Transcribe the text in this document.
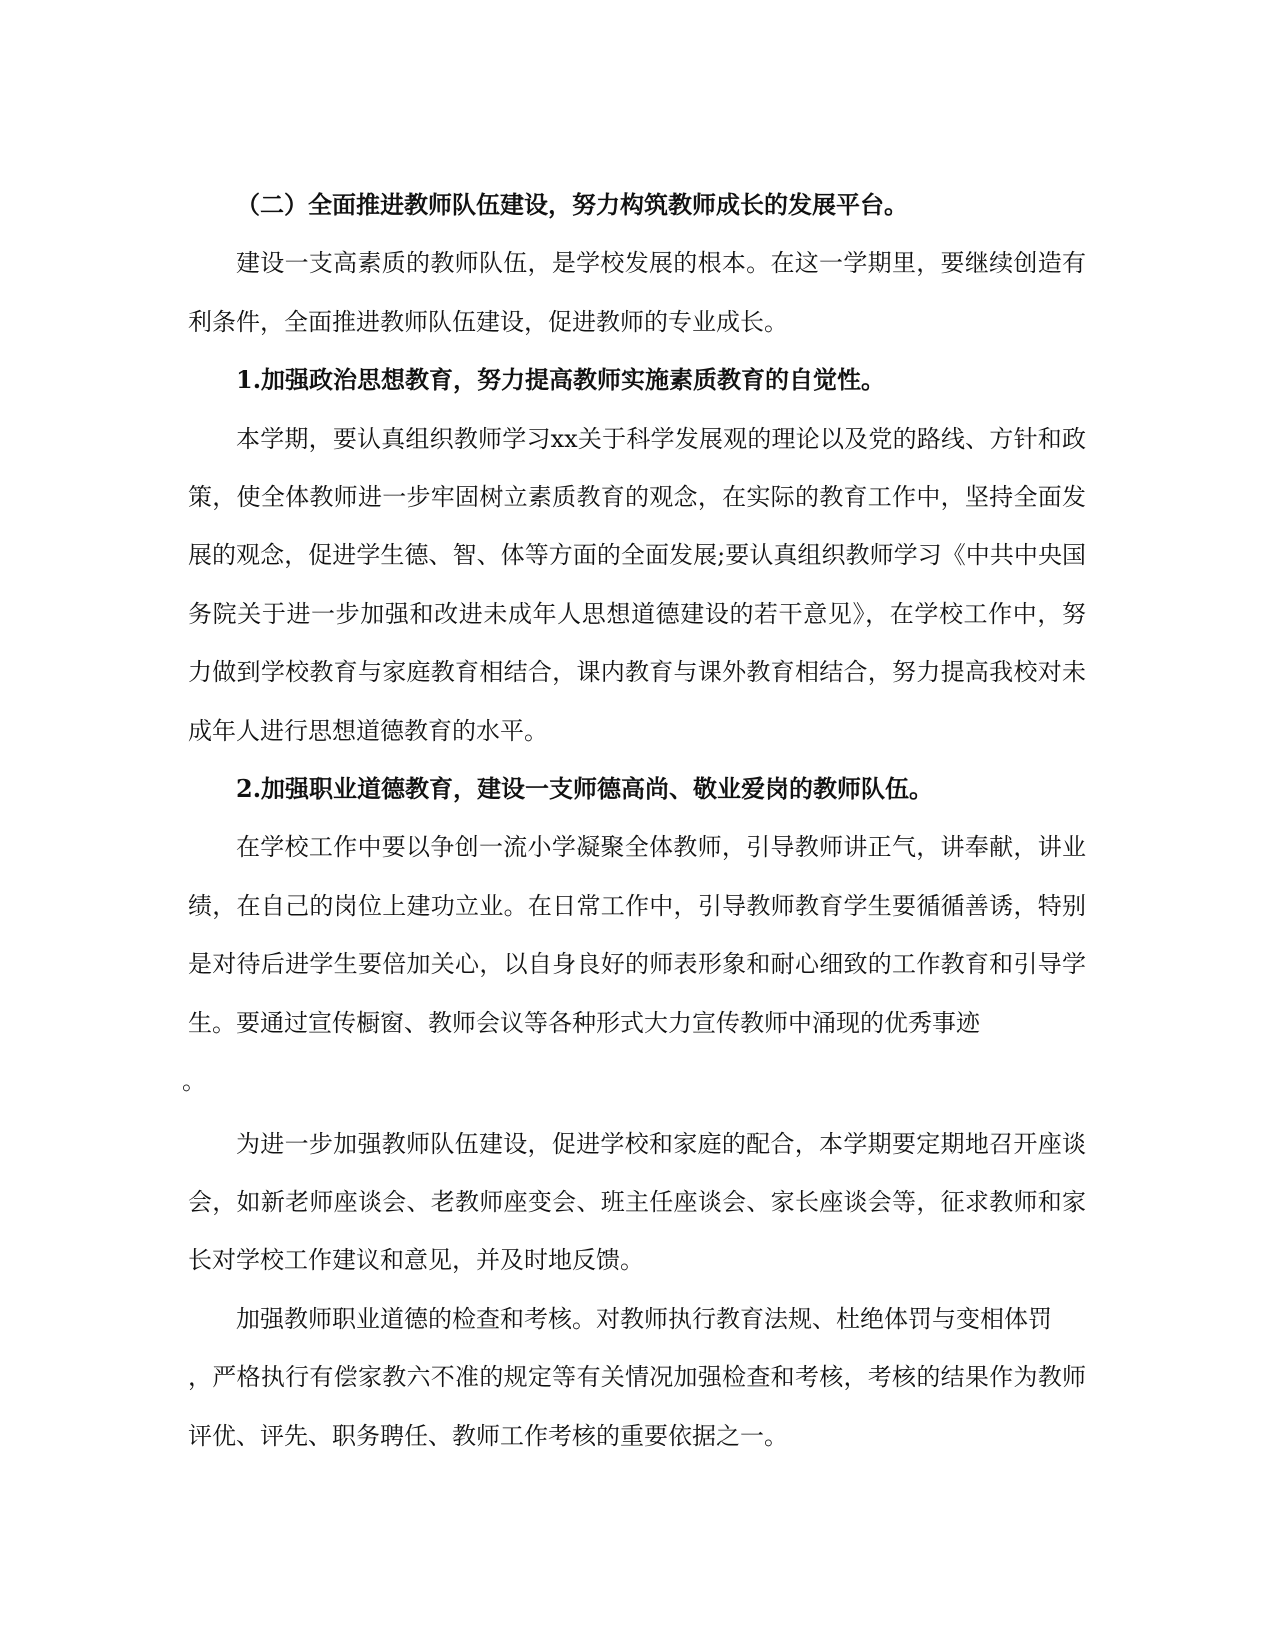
（二）全面推进教师队伍建设，努力构筑教师成长的发展平台。

建设一支高素质的教师队伍，是学校发展的根本。在这一学期里，要继续创造有利条件，全面推进教师队伍建设，促进教师的专业成长。

1.加强政治思想教育，努力提高教师实施素质教育的自觉性。

本学期，要认真组织教师学习xx关于科学发展观的理论以及党的路线、方针和政策，使全体教师进一步牢固树立素质教育的观念，在实际的教育工作中，坚持全面发展的观念，促进学生德、智、体等方面的全面发展;要认真组织教师学习《中共中央国务院关于进一步加强和改进未成年人思想道德建设的若干意见》，在学校工作中，努力做到学校教育与家庭教育相结合，课内教育与课外教育相结合，努力提高我校对未成年人进行思想道德教育的水平。

2.加强职业道德教育，建设一支师德高尚、敬业爱岗的教师队伍。

在学校工作中要以争创一流小学凝聚全体教师，引导教师讲正气，讲奉献，讲业绩，在自己的岗位上建功立业。在日常工作中，引导教师教育学生要循循善诱，特别是对待后进学生要倍加关心，以自身良好的师表形象和耐心细致的工作教育和引导学生。要通过宣传橱窗、教师会议等各种形式大力宣传教师中涌现的优秀事迹

。

为进一步加强教师队伍建设，促进学校和家庭的配合，本学期要定期地召开座谈会，如新老师座谈会、老教师座变会、班主任座谈会、家长座谈会等，征求教师和家长对学校工作建议和意见，并及时地反馈。

加强教师职业道德的检查和考核。对教师执行教育法规、杜绝体罚与变相体罚

，严格执行有偿家教六不准的规定等有关情况加强检查和考核，考核的结果作为教师评优、评先、职务聘任、教师工作考核的重要依据之一。
